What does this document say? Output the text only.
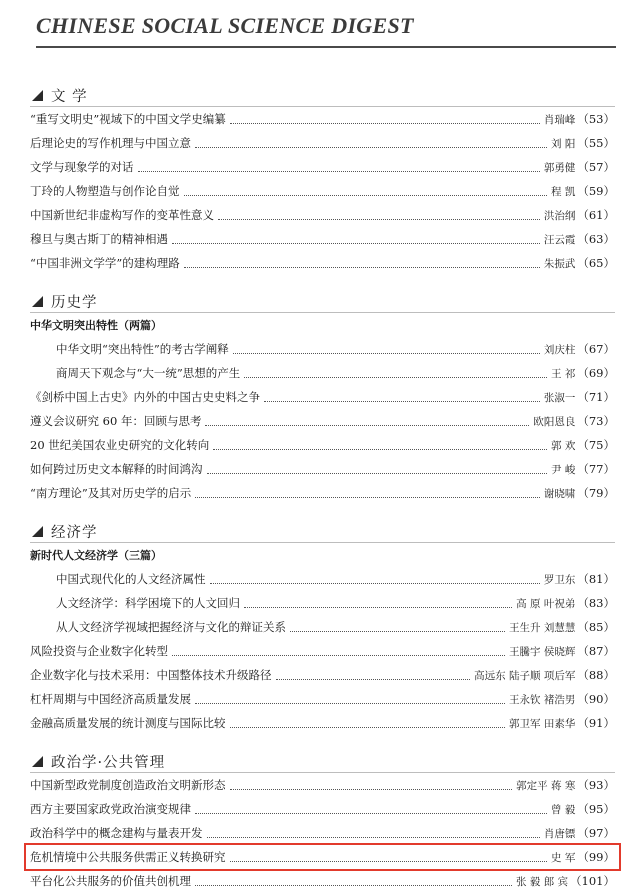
CHINESE SOCIAL SCIENCE DIGEST
文 学
“重写文明史”视域下的中国文学史编纂	肖瑞峰 （53）
后理论史的写作机理与中国立意	刘 阳 （55）
文学与现象学的对话	郭勇健 （57）
丁玲的人物塑造与创作论自觉	程 凯 （59）
中国新世纪非虚构写作的变革性意义	洪治纲 （61）
穆旦与奥古斯丁的精神相遇	汪云霞 （63）
“中国非洲文学学”的建构理路	朱振武 （65）
历史学
中华文明突出特性（两篇）
中华文明“突出特性”的考古学阐释	刘庆柱 （67）
商周天下观念与“大一统”思想的产生	王 祁 （69）
《剑桥中国上古史》内外的中国古史史料之争	张淑一 （71）
遵义会议研究 60 年：回顾与思考	欧阳恩良 （73）
20 世纪美国农业史研究的文化转向	郭 欢 （75）
如何跨过历史文本解释的时间鸿沟	尹 峻 （77）
“南方理论”及其对历史学的启示	谢晓啸 （79）
经济学
新时代人文经济学（三篇）
中国式现代化的人文经济属性	罗卫东 （81）
人文经济学：科学困境下的人文回归	高 原 叶祝弟 （83）
从人文经济学视域把握经济与文化的辩证关系	王生升 刘慧慧 （85）
风险投资与企业数字化转型	王騰宇 侯晓辉 （87）
企业数字化与技术采用：中国整体技术升级路径	高远东 陆子顺 项后军 （88）
杠杆周期与中国经济高质量发展	王永钦 褚浩男 （90）
金融高质量发展的统计测度与国际比较	郭卫军 田素华 （91）
政治学·公共管理
中国新型政党制度创造政治文明新形态	郭定平 蒋 寒 （93）
西方主要国家政党政治演变规律	曾 毅 （95）
政治科学中的概念建构与量表开发	肖唐镖 （97）
危机情境中公共服务供需正义转换研究	史 军 （99）
平台化公共服务的价值共创机理	张 毅 郎 宾 （101）
